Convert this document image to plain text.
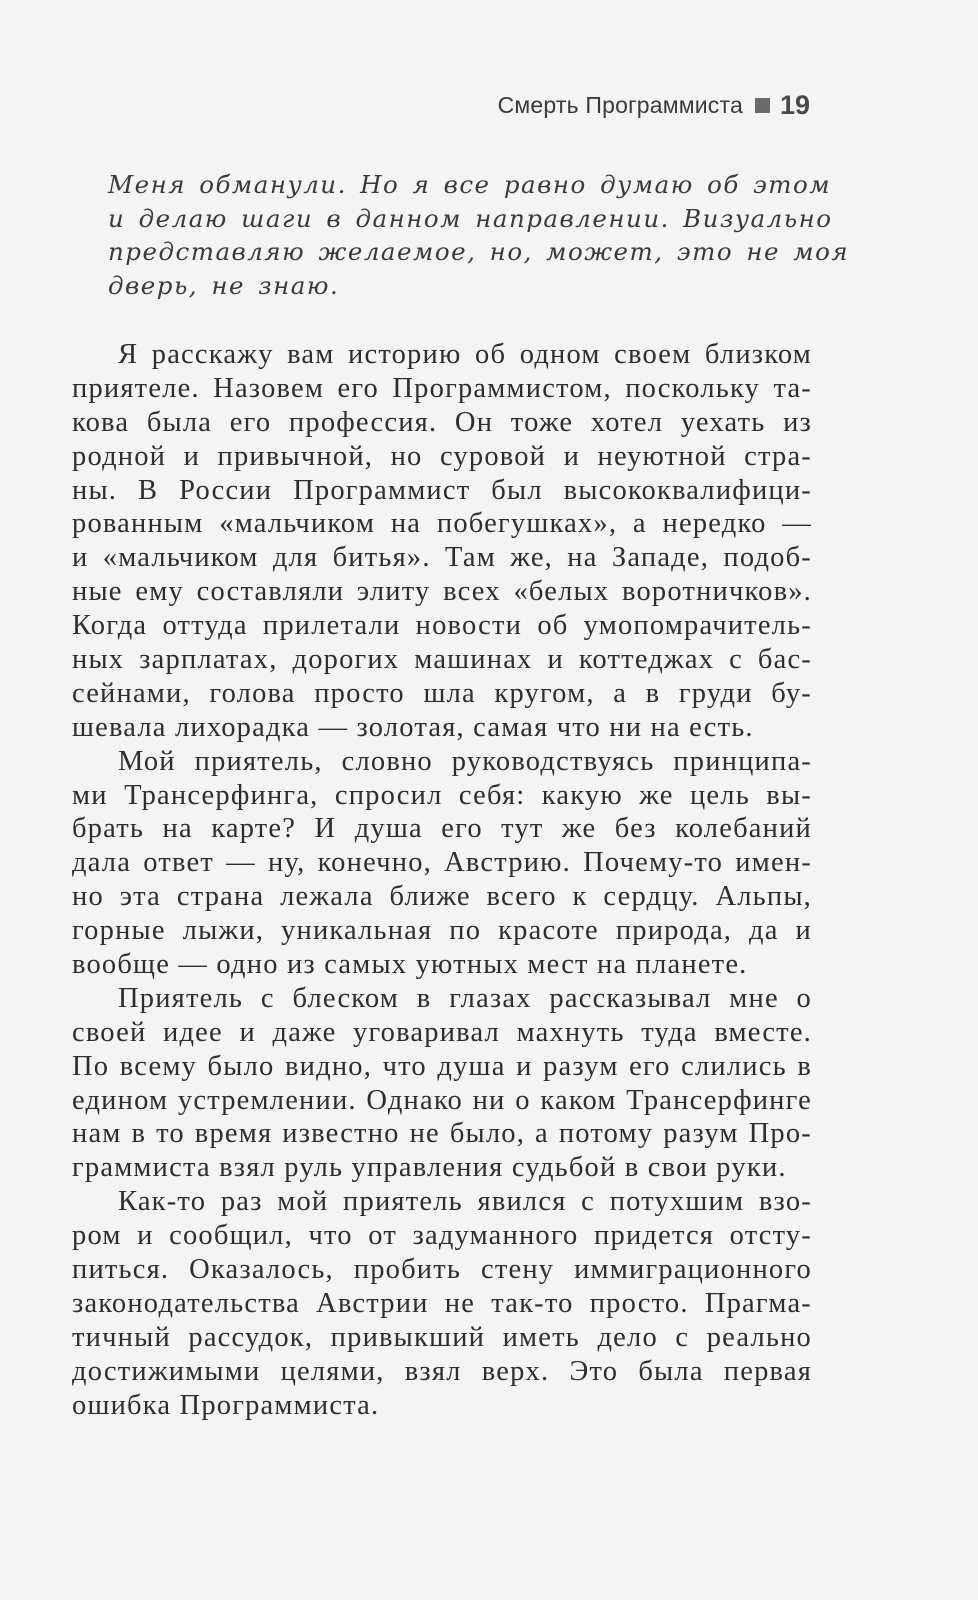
Смерть Программиста 19
Меня обманули. Но я все равно думаю об этом
и делаю шаги в данном направлении. Визуально
представляю желаемое, но, может, это не моя
дверь, не знаю.
Я расскажу вам историю об одном своем близком
приятеле. Назовем его Программистом, поскольку та-
кова была его профессия. Он тоже хотел уехать из
родной и привычной, но суровой и неуютной стра-
ны. В России Программист был высококвалифици-
рованным «мальчиком на побегушках», а нередко —
и «мальчиком для битья». Там же, на Западе, подоб-
ные ему составляли элиту всех «белых воротничков».
Когда оттуда прилетали новости об умопомрачитель-
ных зарплатах, дорогих машинах и коттеджах с бас-
сейнами, голова просто шла кругом, а в груди бу-
шевала лихорадка — золотая, самая что ни на есть.
Мой приятель, словно руководствуясь принципа-
ми Трансерфинга, спросил себя: какую же цель вы-
брать на карте? И душа его тут же без колебаний
дала ответ — ну, конечно, Австрию. Почему-то имен-
но эта страна лежала ближе всего к сердцу. Альпы,
горные лыжи, уникальная по красоте природа, да и
вообще — одно из самых уютных мест на планете.
Приятель с блеском в глазах рассказывал мне о
своей идее и даже уговаривал махнуть туда вместе.
По всему было видно, что душа и разум его слились в
едином устремлении. Однако ни о каком Трансерфинге
нам в то время известно не было, а потому разум Про-
граммиста взял руль управления судьбой в свои руки.
Как-то раз мой приятель явился с потухшим взо-
ром и сообщил, что от задуманного придется отсту-
питься. Оказалось, пробить стену иммиграционного
законодательства Австрии не так-то просто. Прагма-
тичный рассудок, привыкший иметь дело с реально
достижимыми целями, взял верх. Это была первая
ошибка Программиста.
